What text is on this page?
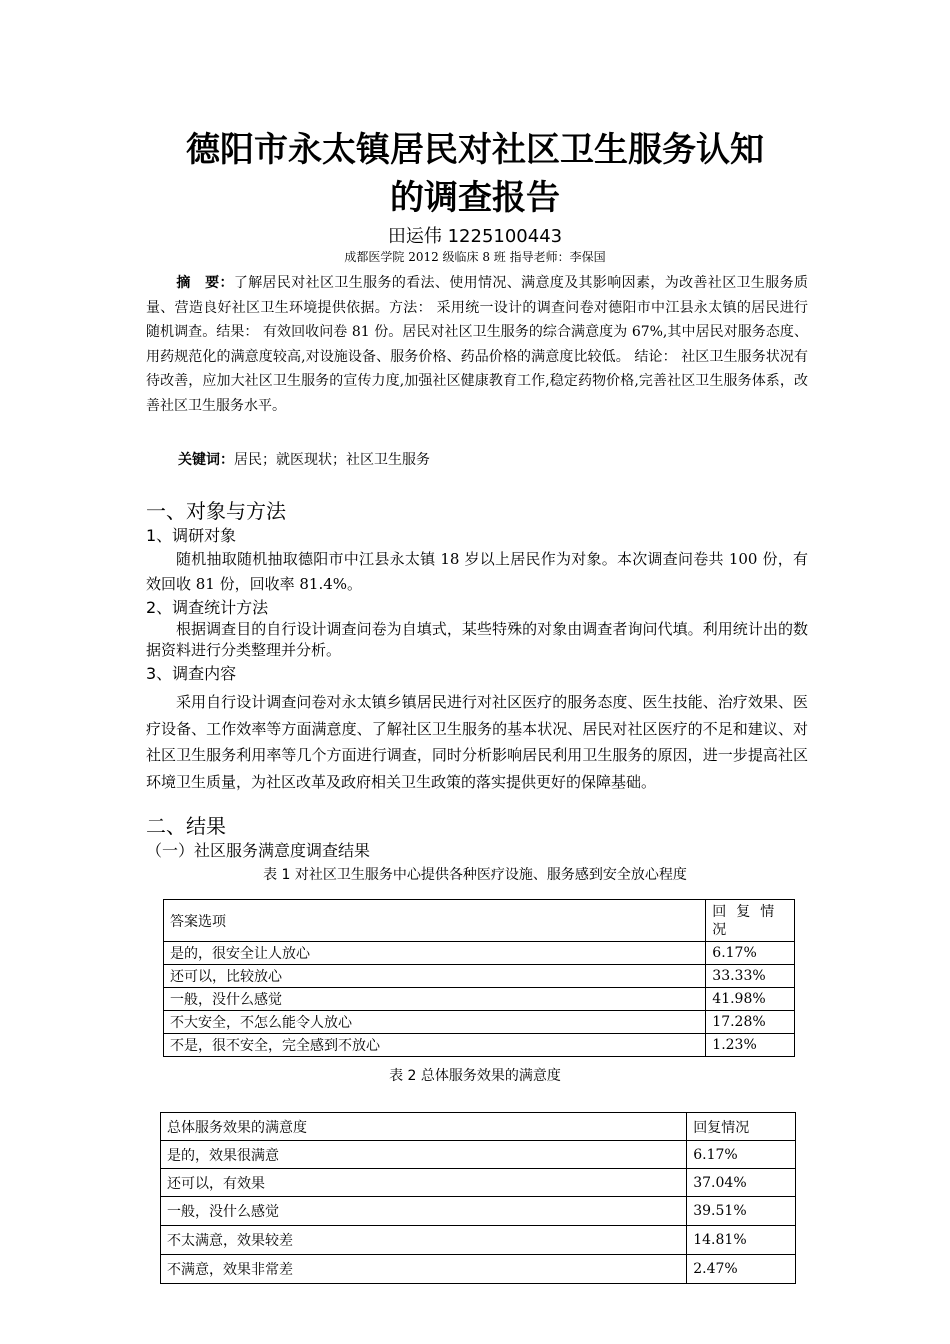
德阳市永太镇居民对社区卫生服务认知
的调查报告
田运伟 1225100443
成都医学院 2012 级临床 8 班 指导老师：李保国
摘　要：了解居民对社区卫生服务的看法、使用情况、满意度及其影响因素，为改善社区卫生服务质量、营造良好社区卫生环境提供依据。方法： 采用统一设计的调查问卷对德阳市中江县永太镇的居民进行随机调查。结果： 有效回收问卷 81 份。居民对社区卫生服务的综合满意度为 67%,其中居民对服务态度、用药规范化的满意度较高,对设施设备、服务价格、药品价格的满意度比较低。 结论： 社区卫生服务状况有待改善，应加大社区卫生服务的宣传力度,加强社区健康教育工作,稳定药物价格,完善社区卫生服务体系，改善社区卫生服务水平。
关键词：居民；就医现状；社区卫生服务
一、对象与方法
1、调研对象
随机抽取随机抽取德阳市中江县永太镇 18 岁以上居民作为对象。本次调查问卷共 100 份，有效回收 81 份，回收率 81.4%。
2、调查统计方法
根据调查目的自行设计调查问卷为自填式，某些特殊的对象由调查者询问代填。利用统计出的数据资料进行分类整理并分析。
3、调查内容
采用自行设计调查问卷对永太镇乡镇居民进行对社区医疗的服务态度、医生技能、治疗效果、医疗设备、工作效率等方面满意度、了解社区卫生服务的基本状况、居民对社区医疗的不足和建议、对社区卫生服务利用率等几个方面进行调查，同时分析影响居民利用卫生服务的原因，进一步提高社区环境卫生质量，为社区改革及政府相关卫生政策的落实提供更好的保障基础。
二、结果
（一）社区服务满意度调查结果
表 1 对社区卫生服务中心提供各种医疗设施、服务感到安全放心程度
答案选项	回复情况
是的，很安全让人放心	6.17%
还可以，比较放心	33.33%
一般，没什么感觉	41.98%
不大安全，不怎么能令人放心	17.28%
不是，很不安全，完全感到不放心	1.23%
表 2 总体服务效果的满意度
总体服务效果的满意度	回复情况
是的，效果很满意	6.17%
还可以，有效果	37.04%
一般，没什么感觉	39.51%
不太满意，效果较差	14.81%
不满意，效果非常差	2.47%
